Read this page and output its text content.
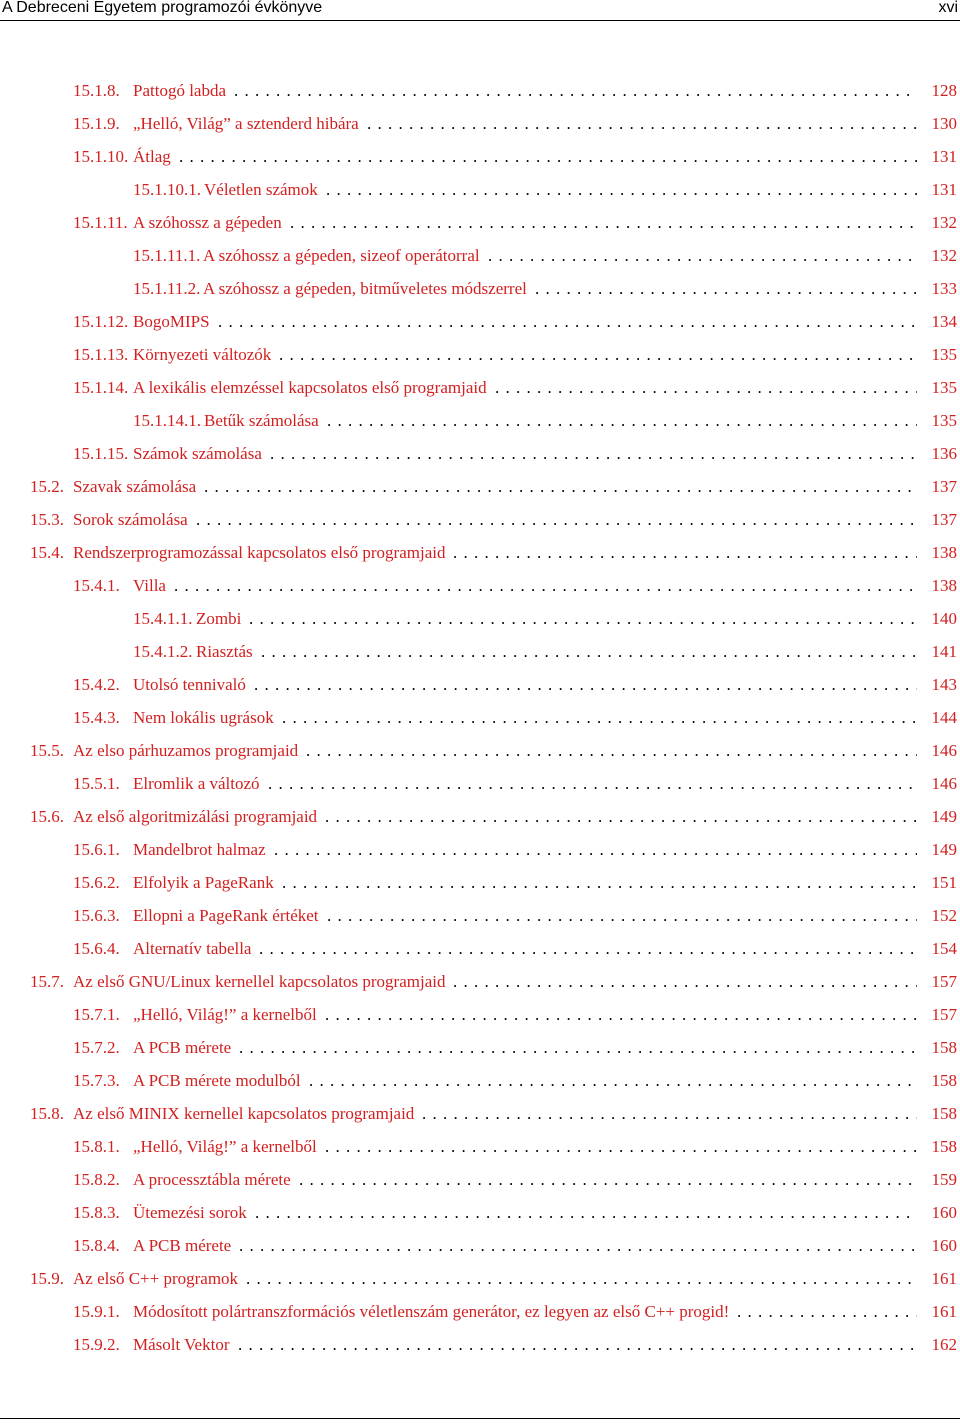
A Debreceni Egyetem programozói évkönyve	xvi
15.1.8. Pattogó labda . . .	128
15.1.9. „Helló, Világ” a sztenderd hibára . . .	130
15.1.10. Átlag . . .	131
15.1.10.1. Véletlen számok . . .	131
15.1.11. A szóhossz a gépeden . . .	132
15.1.11.1. A szóhossz a gépeden, sizeof operátorral . . .	132
15.1.11.2. A szóhossz a gépeden, bitműveletes módszerrel . . .	133
15.1.12. BogoMIPS . . .	134
15.1.13. Környezeti változók . . .	135
15.1.14. A lexikális elemzéssel kapcsolatos első programjaid . . .	135
15.1.14.1. Betűk számolása . . .	135
15.1.15. Számok számolása . . .	136
15.2. Szavak számolása . . .	137
15.3. Sorok számolása . . .	137
15.4. Rendszerprogramozással kapcsolatos első programjaid . . .	138
15.4.1. Villa . . .	138
15.4.1.1. Zombi . . .	140
15.4.1.2. Riasztás . . .	141
15.4.2. Utolsó tennivaló . . .	143
15.4.3. Nem lokális ugrások . . .	144
15.5. Az elso párhuzamos programjaid . . .	146
15.5.1. Elromlik a változó . . .	146
15.6. Az első algoritmizálási programjaid . . .	149
15.6.1. Mandelbrot halmaz . . .	149
15.6.2. Elfolyik a PageRank . . .	151
15.6.3. Ellopni a PageRank értéket . . .	152
15.6.4. Alternatív tabella . . .	154
15.7. Az első GNU/Linux kernellel kapcsolatos programjaid . . .	157
15.7.1. „Helló, Világ!” a kernelből . . .	157
15.7.2. A PCB mérete . . .	158
15.7.3. A PCB mérete modulból . . .	158
15.8. Az első MINIX kernellel kapcsolatos programjaid . . .	158
15.8.1. „Helló, Világ!” a kernelből . . .	158
15.8.2. A processztábla mérete . . .	159
15.8.3. Ütemezési sorok . . .	160
15.8.4. A PCB mérete . . .	160
15.9. Az első C++ programok . . .	161
15.9.1. Módosított polártranszformációs véletlenszám generátor, ez legyen az első C++ progid! . . .	161
15.9.2. Másolt Vektor . . .	162
